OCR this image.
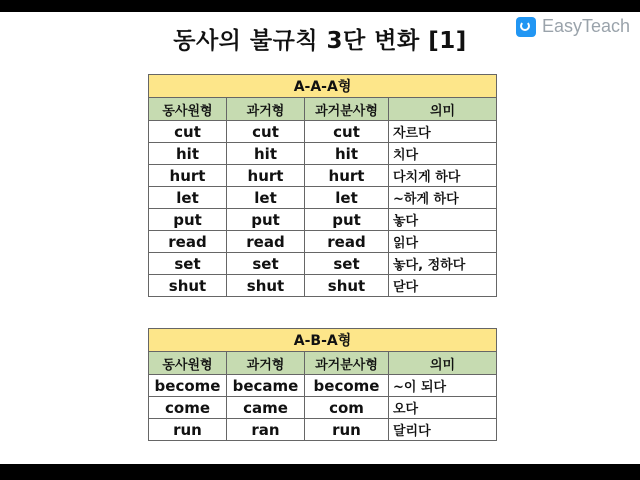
동사의 불규칙 3단 변화 [1]
EasyTeach
A-A-A형			
동사원형	과거형	과거분사형	의미
cut	cut	cut	자르다
hit	hit	hit	치다
hurt	hurt	hurt	다치게 하다
let	let	let	~하게 하다
put	put	put	놓다
read	read	read	읽다
set	set	set	놓다, 정하다
shut	shut	shut	닫다
A-B-A형			
동사원형	과거형	과거분사형	의미
become	became	become	~이 되다
come	came	com	오다
run	ran	run	달리다
